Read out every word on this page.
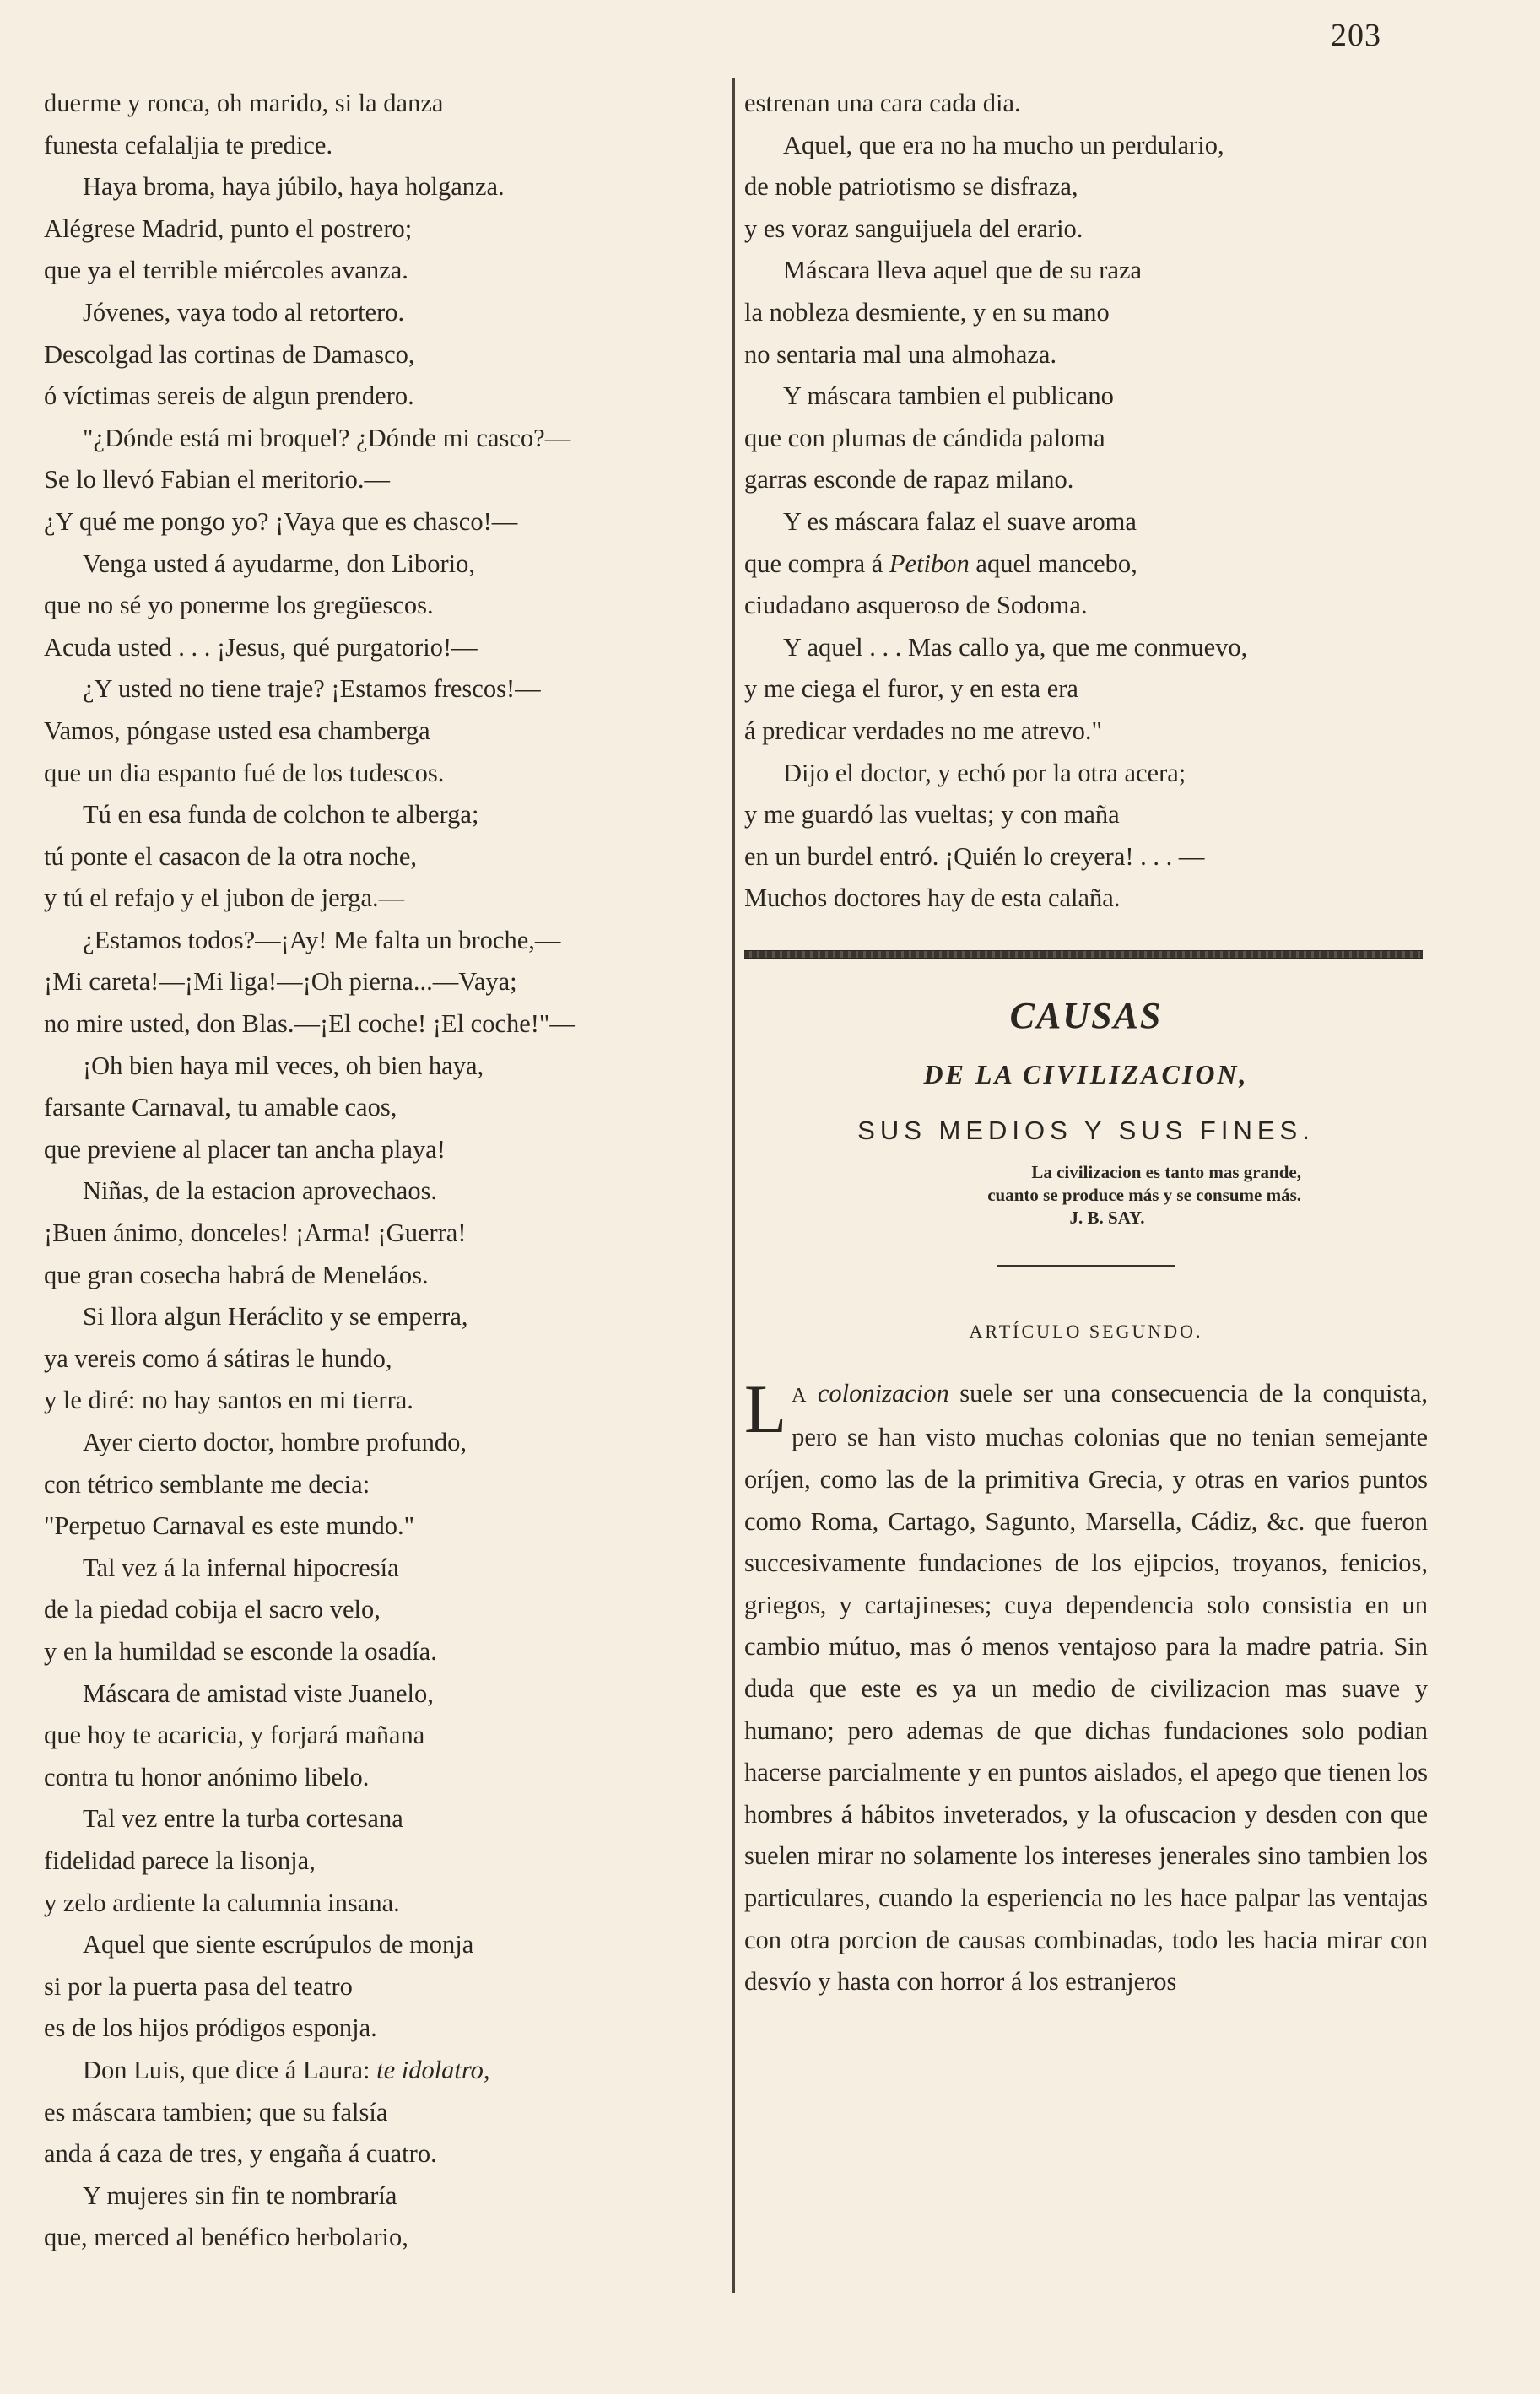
203
duerme y ronca, oh marido, si la danza
funesta cefalaljia te predice.
Haya broma, haya júbilo, haya holganza.
Alégrese Madrid, punto el postrero;
que ya el terrible miércoles avanza.
Jóvenes, vaya todo al retortero.
Descolgad las cortinas de Damasco,
ó víctimas sereis de algun prendero.
"¿Dónde está mi broquel? ¿Dónde mi casco?—
Se lo llevó Fabian el meritorio.—
¿Y qué me pongo yo? ¡Vaya que es chasco!—
Venga usted á ayudarme, don Liborio,
que no sé yo ponerme los gregüescos.
Acuda usted . . . ¡Jesus, qué purgatorio!—
¿Y usted no tiene traje? ¡Estamos frescos!—
Vamos, póngase usted esa chamberga
que un dia espanto fué de los tudescos.
Tú en esa funda de colchon te alberga;
tú ponte el casacon de la otra noche,
y tú el refajo y el jubon de jerga.—
¿Estamos todos?—¡Ay! Me falta un broche,—
¡Mi careta!—¡Mi liga!—¡Oh pierna...—Vaya;
no mire usted, don Blas.—¡El coche! ¡El coche!"—
¡Oh bien haya mil veces, oh bien haya,
farsante Carnaval, tu amable caos,
que previene al placer tan ancha playa!
Niñas, de la estacion aprovechaos.
¡Buen ánimo, donceles! ¡Arma! ¡Guerra!
que gran cosecha habrá de Meneláos.
Si llora algun Heráclito y se emperra,
ya vereis como á sátiras le hundo,
y le diré: no hay santos en mi tierra.
Ayer cierto doctor, hombre profundo,
con tétrico semblante me decia:
"Perpetuo Carnaval es este mundo."
Tal vez á la infernal hipocresía
de la piedad cobija el sacro velo,
y en la humildad se esconde la osadía.
Máscara de amistad viste Juanelo,
que hoy te acaricia, y forjará mañana
contra tu honor anónimo libelo.
Tal vez entre la turba cortesana
fidelidad parece la lisonja,
y zelo ardiente la calumnia insana.
Aquel que siente escrúpulos de monja
si por la puerta pasa del teatro
es de los hijos pródigos esponja.
Don Luis, que dice á Laura: te idolatro,
es máscara tambien; que su falsía
anda á caza de tres, y engaña á cuatro.
Y mujeres sin fin te nombraría
que, merced al benéfico herbolario,
estrenan una cara cada dia.
Aquel, que era no ha mucho un perdulario,
de noble patriotismo se disfraza,
y es voraz sanguijuela del erario.
Máscara lleva aquel que de su raza
la nobleza desmiente, y en su mano
no sentaria mal una almohaza.
Y máscara tambien el publicano
que con plumas de cándida paloma
garras esconde de rapaz milano.
Y es máscara falaz el suave aroma
que compra á Petibon aquel mancebo,
ciudadano asqueroso de Sodoma.
Y aquel . . . Mas callo ya, que me conmuevo,
y me ciega el furor, y en esta era
á predicar verdades no me atrevo."
Dijo el doctor, y echó por la otra acera;
y me guardó las vueltas; y con maña
en un burdel entró. ¡Quién lo creyera! . . . —
Muchos doctores hay de esta calaña.
CAUSAS
DE LA CIVILIZACION,
SUS MEDIOS Y SUS FINES.
La civilizacion es tanto mas grande,
cuanto se produce más y se consume más.
J. B. SAY.
ARTÍCULO SEGUNDO.

L A colonizacion suele ser una consecuencia de la conquista, pero se han visto muchas colonias que no tenian semejante oríjen, como las de la primitiva Grecia, y otras en varios puntos como Roma, Cartago, Sagunto, Marsella, Cádiz, &c. que fueron succesivamente fundaciones de los ejipcios, troyanos, fenicios, griegos, y cartajineses; cuya dependencia solo consistia en un cambio mútuo, mas ó menos ventajoso para la madre patria. Sin duda que este es ya un medio de civilizacion mas suave y humano; pero ademas de que dichas fundaciones solo podian hacerse parcialmente y en puntos aislados, el apego que tienen los hombres á hábitos inveterados, y la ofuscacion y desden con que suelen mirar no solamente los intereses jenerales sino tambien los particulares, cuando la esperiencia no les hace palpar las ventajas con otra porcion de causas combinadas, todo les hacia mirar con desvío y hasta con horror á los estranjeros
